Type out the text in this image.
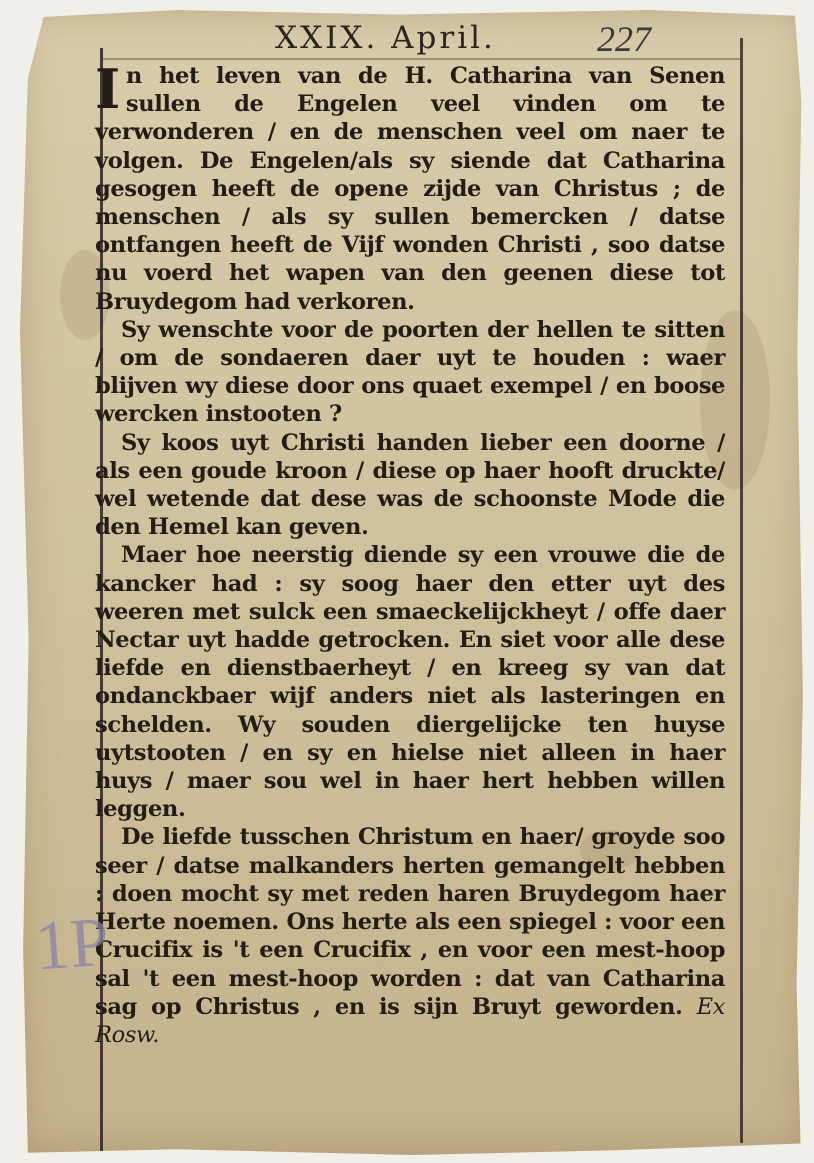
XXIX. April.	227

In het leven van de H. Catharina van Senen sullen de Engelen veel vinden om te verwonderen / en de menschen veel om naer te volgen. De Engelen/als sy siende dat Catharina gesogen heeft de opene zijde van Christus ; de menschen / als sy sullen bemercken / datse ontfangen heeft de Vijf wonden Christi , soo datse nu voerd het wapen van den geenen diese tot Bruydegom had verkoren.

Sy wenschte voor de poorten der hellen te sitten / om de sondaeren daer uyt te houden : waer blijven wy diese door ons quaet exempel / en boose wercken instooten ?

Sy koos uyt Christi handen lieber een doorne / als een goude kroon / diese op haer hooft druckte/ wel wetende dat dese was de schoonste Mode die den Hemel kan geven.

Maer hoe neerstig diende sy een vrouwe die de kancker had : sy soog haer den etter uyt des weeren met sulck een smaeckelijckheyt / offe daer Nectar uyt hadde getrocken. En siet voor alle dese liefde en dienstbaerheyt / en kreeg sy van dat ondanckbaer wijf anders niet als lasteringen en schelden. Wy souden diergelijcke ten huyse uytstooten / en sy en hielse niet alleen in haer huys / maer sou wel in haer hert hebben willen leggen.

De liefde tusschen Christum en haer/ groyde soo seer / datse malkanders herten gemangelt hebben : doen mocht sy met reden haren Bruydegom haer Herte noemen. Ons herte als een spiegel : voor een Crucifix is 't een Crucifix , en voor een mest-hoop sal 't een mest-hoop worden : dat van Catharina sag op Christus , en is sijn Bruyt geworden. Ex Rosw.

1P
